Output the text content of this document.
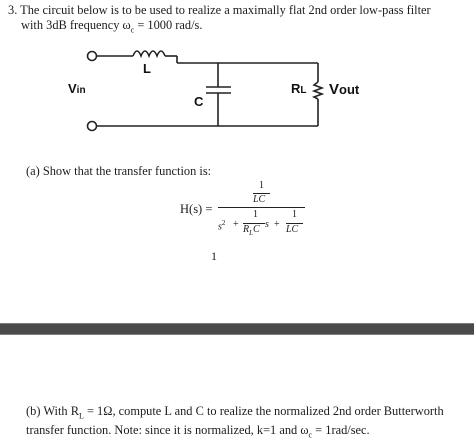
3. The circuit below is to be used to realize a maximally flat 2nd order low-pass filter
with 3dB frequency $\omega_c = 1000$ rad/s.
L
C
Vin	RL Vout
(a) Show that the transfer function is:
H(s) =
1
LC
$s^2$ +
1
$R_LC$ s +
1
LC
1
(b) With $R_L = 1\Omega$, compute L and C to realize the normalized 2nd order Butterworth
transfer function. Note: since it is normalized, k=1 and $\omega_c = 1rad/\sec$.
